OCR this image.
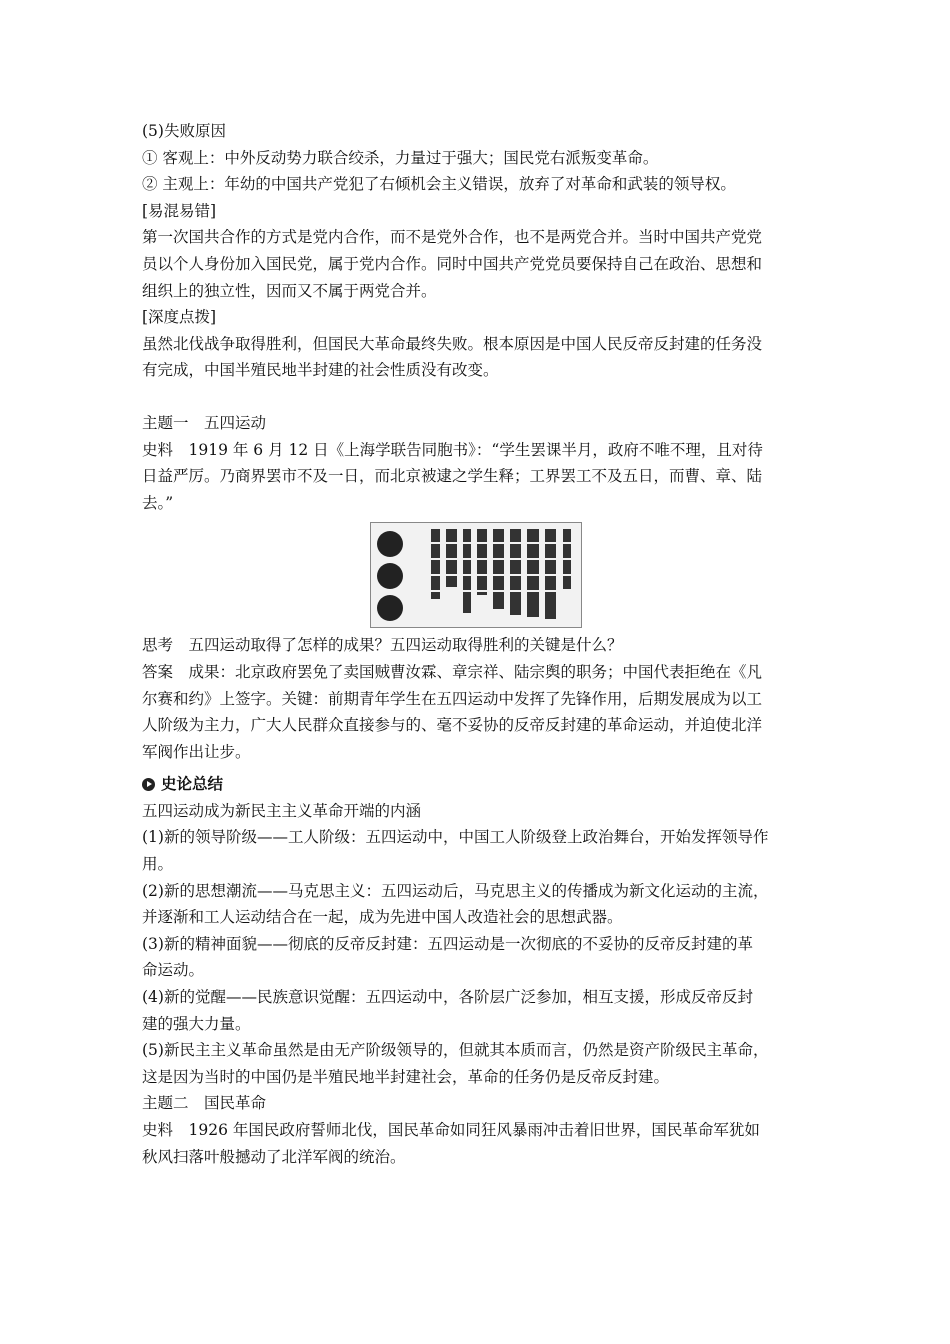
(5)失败原因

① 客观上：中外反动势力联合绞杀，力量过于强大；国民党右派叛变革命。

② 主观上：年幼的中国共产党犯了右倾机会主义错误，放弃了对革命和武装的领导权。

[易混易错]

第一次国共合作的方式是党内合作，而不是党外合作，也不是两党合并。当时中国共产党党

员以个人身份加入国民党，属于党内合作。同时中国共产党党员要保持自己在政治、思想和

组织上的独立性，因而又不属于两党合并。

[深度点拨]

虽然北伐战争取得胜利，但国民大革命最终失败。根本原因是中国人民反帝反封建的任务没

有完成，中国半殖民地半封建的社会性质没有改变。

主题一　五四运动

史料　1919 年 6 月 12 日《上海学联告同胞书》：“学生罢课半月，政府不唯不理，且对待

日益严厉。乃商界罢市不及一日，而北京被逮之学生释；工界罢工不及五日，而曹、章、陆

去。”

思考　五四运动取得了怎样的成果？五四运动取得胜利的关键是什么？

答案　成果：北京政府罢免了卖国贼曹汝霖、章宗祥、陆宗舆的职务；中国代表拒绝在《凡

尔赛和约》上签字。关键：前期青年学生在五四运动中发挥了先锋作用，后期发展成为以工

人阶级为主力，广大人民群众直接参与的、毫不妥协的反帝反封建的革命运动，并迫使北洋

军阀作出让步。

史论总结

五四运动成为新民主主义革命开端的内涵

(1)新的领导阶级——工人阶级：五四运动中，中国工人阶级登上政治舞台，开始发挥领导作

用。

(2)新的思想潮流——马克思主义：五四运动后，马克思主义的传播成为新文化运动的主流，

并逐渐和工人运动结合在一起，成为先进中国人改造社会的思想武器。

(3)新的精神面貌——彻底的反帝反封建：五四运动是一次彻底的不妥协的反帝反封建的革

命运动。

(4)新的觉醒——民族意识觉醒：五四运动中，各阶层广泛参加，相互支援，形成反帝反封

建的强大力量。

(5)新民主主义革命虽然是由无产阶级领导的，但就其本质而言，仍然是资产阶级民主革命，

这是因为当时的中国仍是半殖民地半封建社会，革命的任务仍是反帝反封建。

主题二　国民革命

史料　1926 年国民政府誓师北伐，国民革命如同狂风暴雨冲击着旧世界，国民革命军犹如

秋风扫落叶般撼动了北洋军阀的统治。
